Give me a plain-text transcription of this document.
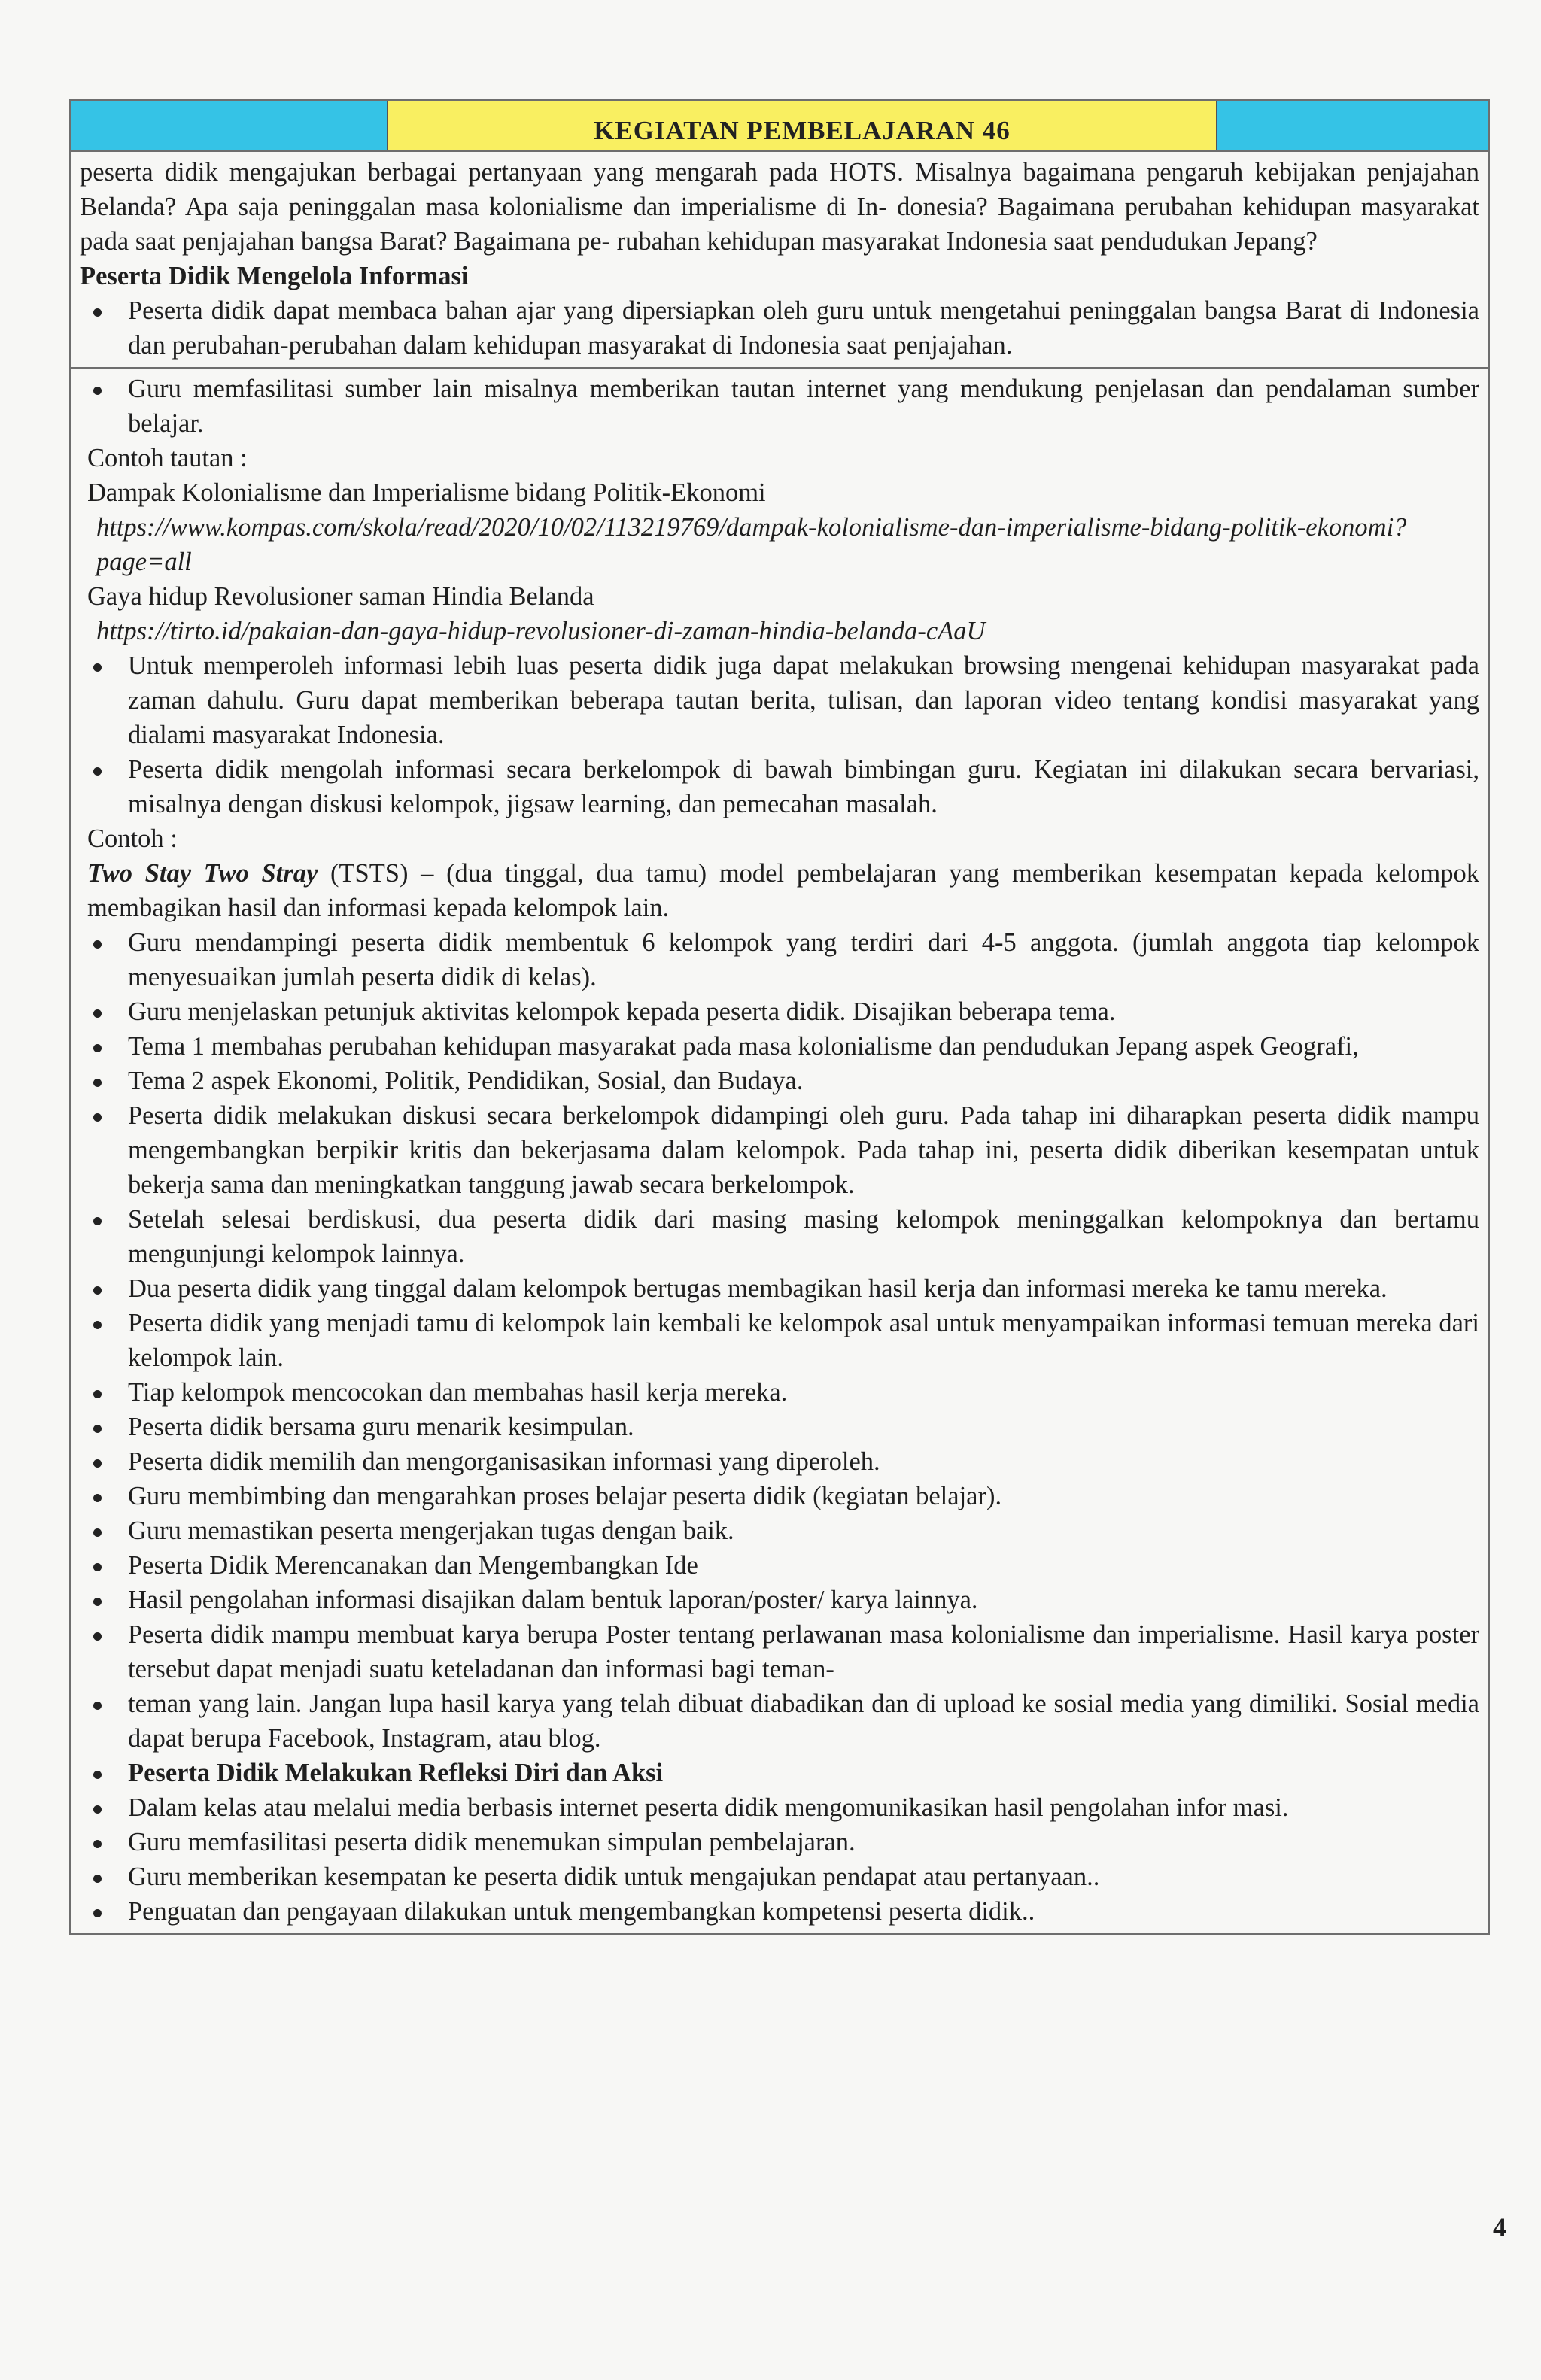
KEGIATAN PEMBELAJARAN 46

peserta didik mengajukan berbagai pertanyaan yang mengarah pada HOTS. Misalnya bagaimana pengaruh kebijakan penjajahan Belanda? Apa saja peninggalan masa kolonialisme dan imperialisme di In- donesia? Bagaimana perubahan kehidupan masyarakat pada saat penjajahan bangsa Barat? Bagaimana pe- rubahan kehidupan masyarakat Indonesia saat pendudukan Jepang?

Peserta Didik Mengelola Informasi

Peserta didik dapat membaca bahan ajar yang dipersiapkan oleh guru untuk mengetahui peninggalan bangsa Barat di Indonesia dan perubahan-perubahan dalam kehidupan masyarakat di Indonesia saat penjajahan.

Guru memfasilitasi sumber lain misalnya memberikan tautan internet yang mendukung penjelasan dan pendalaman sumber belajar.

Contoh tautan :

Dampak Kolonialisme dan Imperialisme bidang Politik-Ekonomi

https://www.kompas.com/skola/read/2020/10/02/113219769/dampak-kolonialisme-dan-imperialisme-bidang-politik-ekonomi?page=all

Gaya hidup Revolusioner saman Hindia Belanda

https://tirto.id/pakaian-dan-gaya-hidup-revolusioner-di-zaman-hindia-belanda-cAaU

Untuk memperoleh informasi lebih luas peserta didik juga dapat melakukan browsing mengenai kehidupan masyarakat pada zaman dahulu. Guru dapat memberikan beberapa tautan berita, tulisan, dan laporan video tentang kondisi masyarakat yang dialami masyarakat Indonesia.

Peserta didik mengolah informasi secara berkelompok di bawah bimbingan guru. Kegiatan ini dilakukan secara bervariasi, misalnya dengan diskusi kelompok, jigsaw learning, dan pemecahan masalah.

Contoh :

Two Stay Two Stray (TSTS) – (dua tinggal, dua tamu) model pembelajaran yang memberikan kesempatan kepada kelompok membagikan hasil dan informasi kepada kelompok lain.

Guru mendampingi peserta didik membentuk 6 kelompok yang terdiri dari 4-5 anggota. (jumlah anggota tiap kelompok menyesuaikan jumlah peserta didik di kelas).

Guru menjelaskan petunjuk aktivitas kelompok kepada peserta didik. Disajikan beberapa tema.

Tema 1 membahas perubahan kehidupan masyarakat pada masa kolonialisme dan pendudukan Jepang aspek Geografi,

Tema 2 aspek Ekonomi, Politik, Pendidikan, Sosial, dan Budaya.

Peserta didik melakukan diskusi secara berkelompok didampingi oleh guru. Pada tahap ini diharapkan peserta didik mampu mengembangkan berpikir kritis dan bekerjasama dalam kelompok. Pada tahap ini, peserta didik diberikan kesempatan untuk bekerja sama dan meningkatkan tanggung jawab secara berkelompok.

Setelah selesai berdiskusi, dua peserta didik dari masing masing kelompok meninggalkan kelompoknya dan bertamu mengunjungi kelompok lainnya.

Dua peserta didik yang tinggal dalam kelompok bertugas membagikan hasil kerja dan informasi mereka ke tamu mereka.

Peserta didik yang menjadi tamu di kelompok lain kembali ke kelompok asal untuk menyampaikan informasi temuan mereka dari kelompok lain.

Tiap kelompok mencocokan dan membahas hasil kerja mereka.

Peserta didik bersama guru menarik kesimpulan.

Peserta didik memilih dan mengorganisasikan informasi yang diperoleh.

Guru membimbing dan mengarahkan proses belajar peserta didik (kegiatan belajar).

Guru memastikan peserta mengerjakan tugas dengan baik.

Peserta Didik Merencanakan dan Mengembangkan Ide

Hasil pengolahan informasi disajikan dalam bentuk laporan/poster/ karya lainnya.

Peserta didik mampu membuat karya berupa Poster tentang perlawanan masa kolonialisme dan imperialisme. Hasil karya poster tersebut dapat menjadi suatu keteladanan dan informasi bagi teman-

teman yang lain. Jangan lupa hasil karya yang telah dibuat diabadikan dan di upload ke sosial media yang dimiliki. Sosial media dapat berupa Facebook, Instagram, atau blog.

Peserta Didik Melakukan Refleksi Diri dan Aksi

Dalam kelas atau melalui media berbasis internet peserta didik mengomunikasikan hasil pengolahan infor masi.

Guru memfasilitasi peserta didik menemukan simpulan pembelajaran.

Guru memberikan kesempatan ke peserta didik untuk mengajukan pendapat atau pertanyaan..

Penguatan dan pengayaan dilakukan untuk mengembangkan kompetensi peserta didik..

4
